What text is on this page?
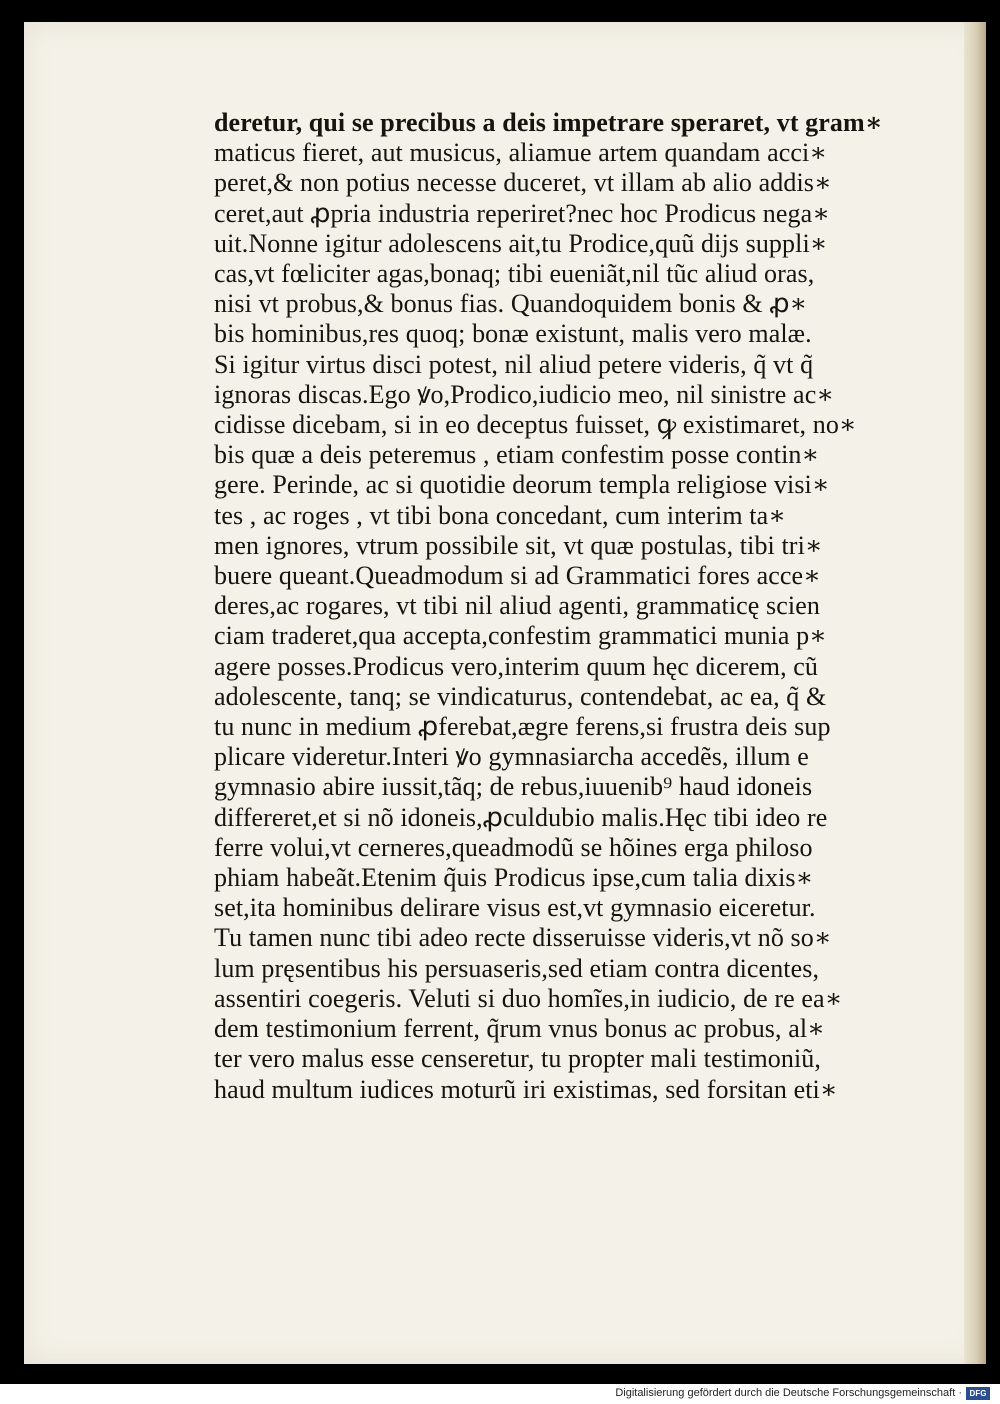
deretur, qui se precibus a deis impetrare speraret, vt gram∗
maticus fieret, aut musicus, aliamue artem quandam acci∗
peret,& non potius necesse duceret, vt illam ab alio addis∗
ceret,aut ꝓpria industria reperiret?nec hoc Prodicus nega∗
uit.Nonne igitur adolescens ait,tu Prodice,quũ dijs suppli∗
cas,vt fœliciter agas,bonaq; tibi eueniãt,nil tũc aliud oras,
nisi vt probus,& bonus fias. Quandoquidem bonis & ꝓ∗
bis hominibus,res quoq; bonæ existunt, malis vero malæ.
Si igitur virtus disci potest, nil aliud petere videris, q̃ vt q̃
ignoras discas.Ego ꝟo,Prodico,iudicio meo, nil sinistre ac∗
cidisse dicebam, si in eo deceptus fuisset, ꝙ existimaret, no∗
bis quæ a deis peteremus , etiam confestim posse contin∗
gere. Perinde, ac si quotidie deorum templa religiose visi∗
tes , ac roges , vt tibi bona concedant, cum interim ta∗
men ignores, vtrum possibile sit, vt quæ postulas, tibi tri∗
buere queant.Queadmodum si ad Grammatici fores acce∗
deres,ac rogares, vt tibi nil aliud agenti, grammaticę scien
ciam traderet,qua accepta,confestim grammatici munia p∗
agere posses.Prodicus vero,interim quum hęc dicerem, cũ
adolescente, tanq; se vindicaturus, contendebat, ac ea, q̃ &
tu nunc in medium ꝓferebat,ægre ferens,si frustra deis sup
plicare videretur.Interi ꝟo gymnasiarcha accedẽs, illum e
gymnasio abire iussit,tãq; de rebus,iuuenib⁹ haud idoneis
differeret,et si nõ idoneis,ꝓculdubio malis.Hęc tibi ideo re
ferre volui,vt cerneres,queadmodũ se hõines erga philoso
phiam habeãt.Etenim q̃uis Prodicus ipse,cum talia dixis∗
set,ita hominibus delirare visus est,vt gymnasio eiceretur.
Tu tamen nunc tibi adeo recte disseruisse videris,vt nõ so∗
lum pręsentibus his persuaseris,sed etiam contra dicentes,
assentiri coegeris. Veluti si duo homĩes,in iudicio, de re ea∗
dem testimonium ferrent, q̃rum vnus bonus ac probus, al∗
ter vero malus esse censeretur, tu propter mali testimoniũ,
haud multum iudices moturũ iri existimas, sed forsitan eti∗
Digitalisierung gefördert durch die Deutsche Forschungsgemeinschaft · DFG
